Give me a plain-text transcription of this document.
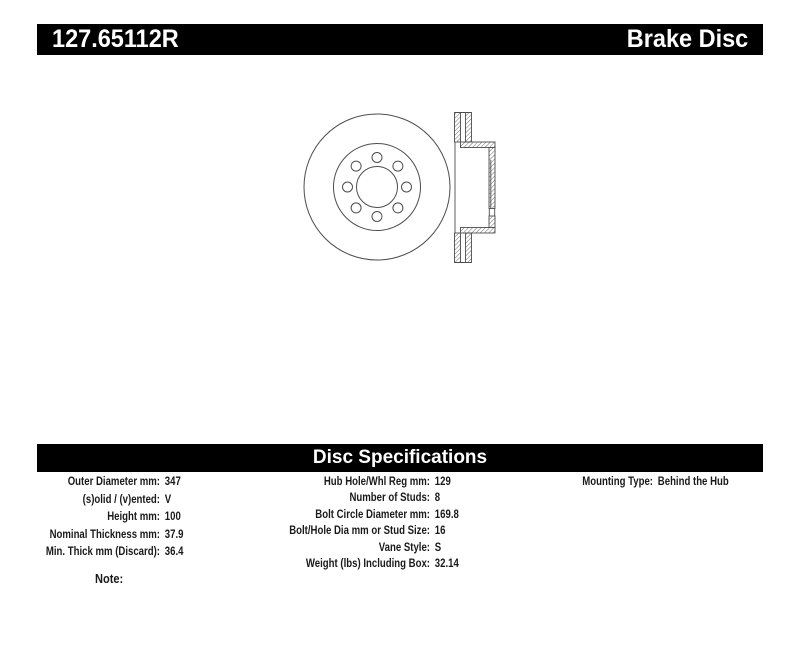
127.65112R	Brake Disc
Disc Specifications
Outer Diameter mm: 347
(s)olid / (v)ented: V
Height mm: 100
Nominal Thickness mm: 37.9
Min. Thick mm (Discard): 36.4
Hub Hole/Whl Reg mm: 129
Number of Studs: 8
Bolt Circle Diameter mm: 169.8
Bolt/Hole Dia mm or Stud Size: 16
Vane Style: S
Weight (lbs) Including Box: 32.14
Mounting Type: Behind the Hub
Note:
